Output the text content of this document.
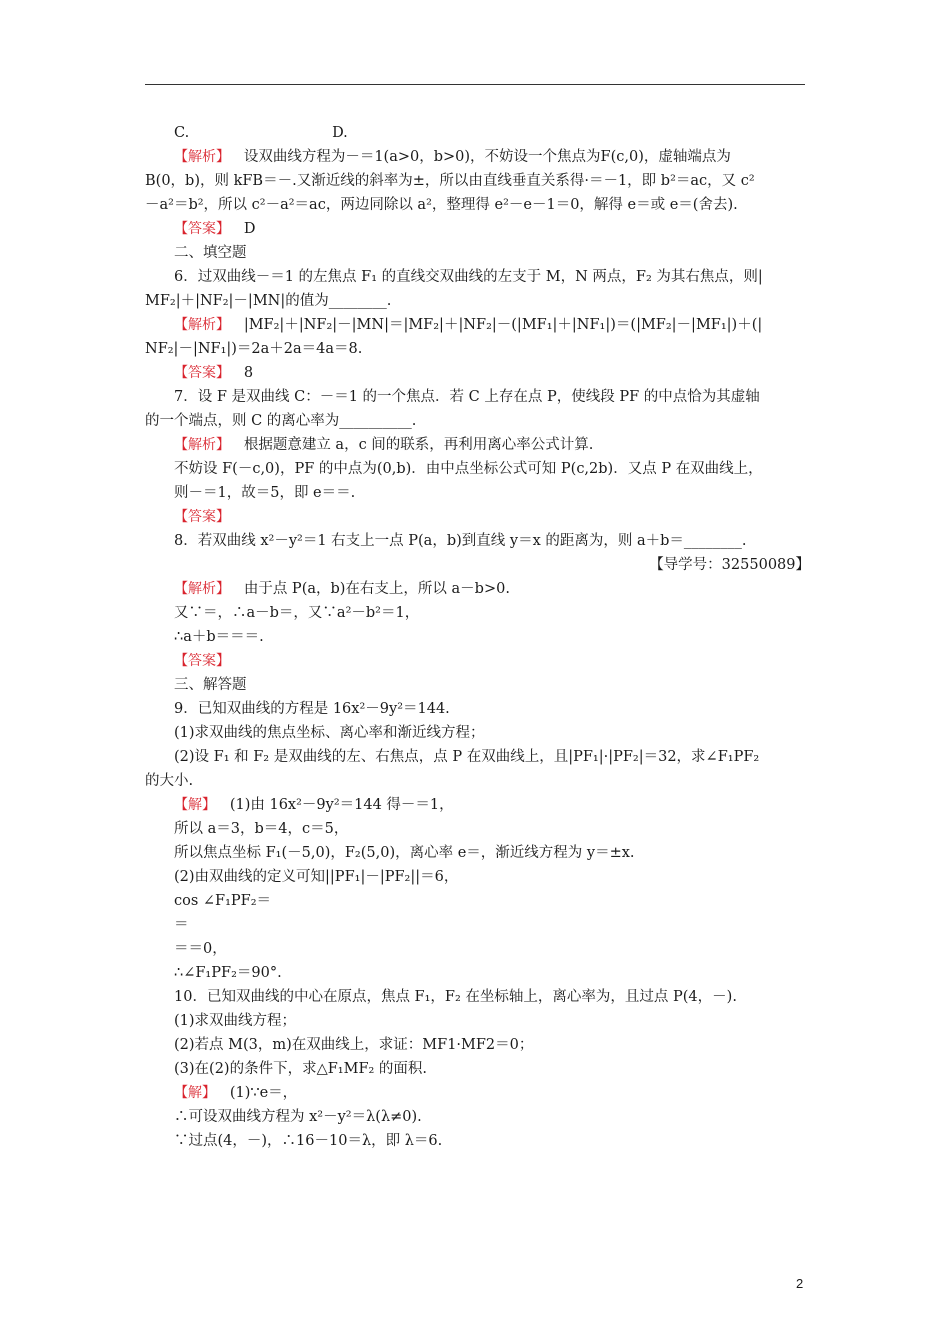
C.                               D.
【解析】   设双曲线方程为－＝1(a>0，b>0)，不妨设一个焦点为F(c,0)，虚轴端点为
B(0，b)，则 kFB＝－.又渐近线的斜率为±，所以由直线垂直关系得·＝－1，即 b²＝ac，又 c²
－a²＝b²，所以 c²－a²＝ac，两边同除以 a²，整理得 e²－e－1＝0，解得 e＝或 e＝(舍去).
【答案】   D
二、填空题
6．过双曲线－＝1 的左焦点 F₁ 的直线交双曲线的左支于 M，N 两点，F₂ 为其右焦点，则|
MF₂|＋|NF₂|－|MN|的值为________.
【解析】   |MF₂|＋|NF₂|－|MN|＝|MF₂|＋|NF₂|－(|MF₁|＋|NF₁|)＝(|MF₂|－|MF₁|)＋(|
NF₂|－|NF₁|)＝2a＋2a＝4a＝8.
【答案】   8
7．设 F 是双曲线 C：－＝1 的一个焦点．若 C 上存在点 P，使线段 PF 的中点恰为其虚轴
的一个端点，则 C 的离心率为__________.
【解析】   根据题意建立 a，c 间的联系，再利用离心率公式计算.
不妨设 F(－c,0)，PF 的中点为(0,b)．由中点坐标公式可知 P(c,2b)．又点 P 在双曲线上，
则－＝1，故＝5，即 e＝＝.
【答案】
8．若双曲线 x²－y²＝1 右支上一点 P(a，b)到直线 y＝x 的距离为，则 a＋b＝________.
【导学号：32550089】
【解析】   由于点 P(a，b)在右支上，所以 a－b>0.
又∵＝，∴a－b＝，又∵a²－b²＝1，
∴a＋b＝＝＝.
【答案】
三、解答题
9．已知双曲线的方程是 16x²－9y²＝144.
(1)求双曲线的焦点坐标、离心率和渐近线方程；
(2)设 F₁ 和 F₂ 是双曲线的左、右焦点，点 P 在双曲线上，且|PF₁|·|PF₂|＝32，求∠F₁PF₂
的大小.
【解】   (1)由 16x²－9y²＝144 得－＝1，
所以 a＝3，b＝4，c＝5，
所以焦点坐标 F₁(－5,0)，F₂(5,0)，离心率 e＝，渐近线方程为 y＝±x.
(2)由双曲线的定义可知||PF₁|－|PF₂||＝6，
cos ∠F₁PF₂＝
＝
＝＝0，
∴∠F₁PF₂＝90°.
10．已知双曲线的中心在原点，焦点 F₁，F₂ 在坐标轴上，离心率为，且过点 P(4，－).
(1)求双曲线方程；
(2)若点 M(3，m)在双曲线上，求证：MF1·MF2＝0；
(3)在(2)的条件下，求△F₁MF₂ 的面积.
【解】   (1)∵e＝，
∴可设双曲线方程为 x²－y²＝λ(λ≠0).
∵过点(4，－)，∴16－10＝λ，即 λ＝6.
2
